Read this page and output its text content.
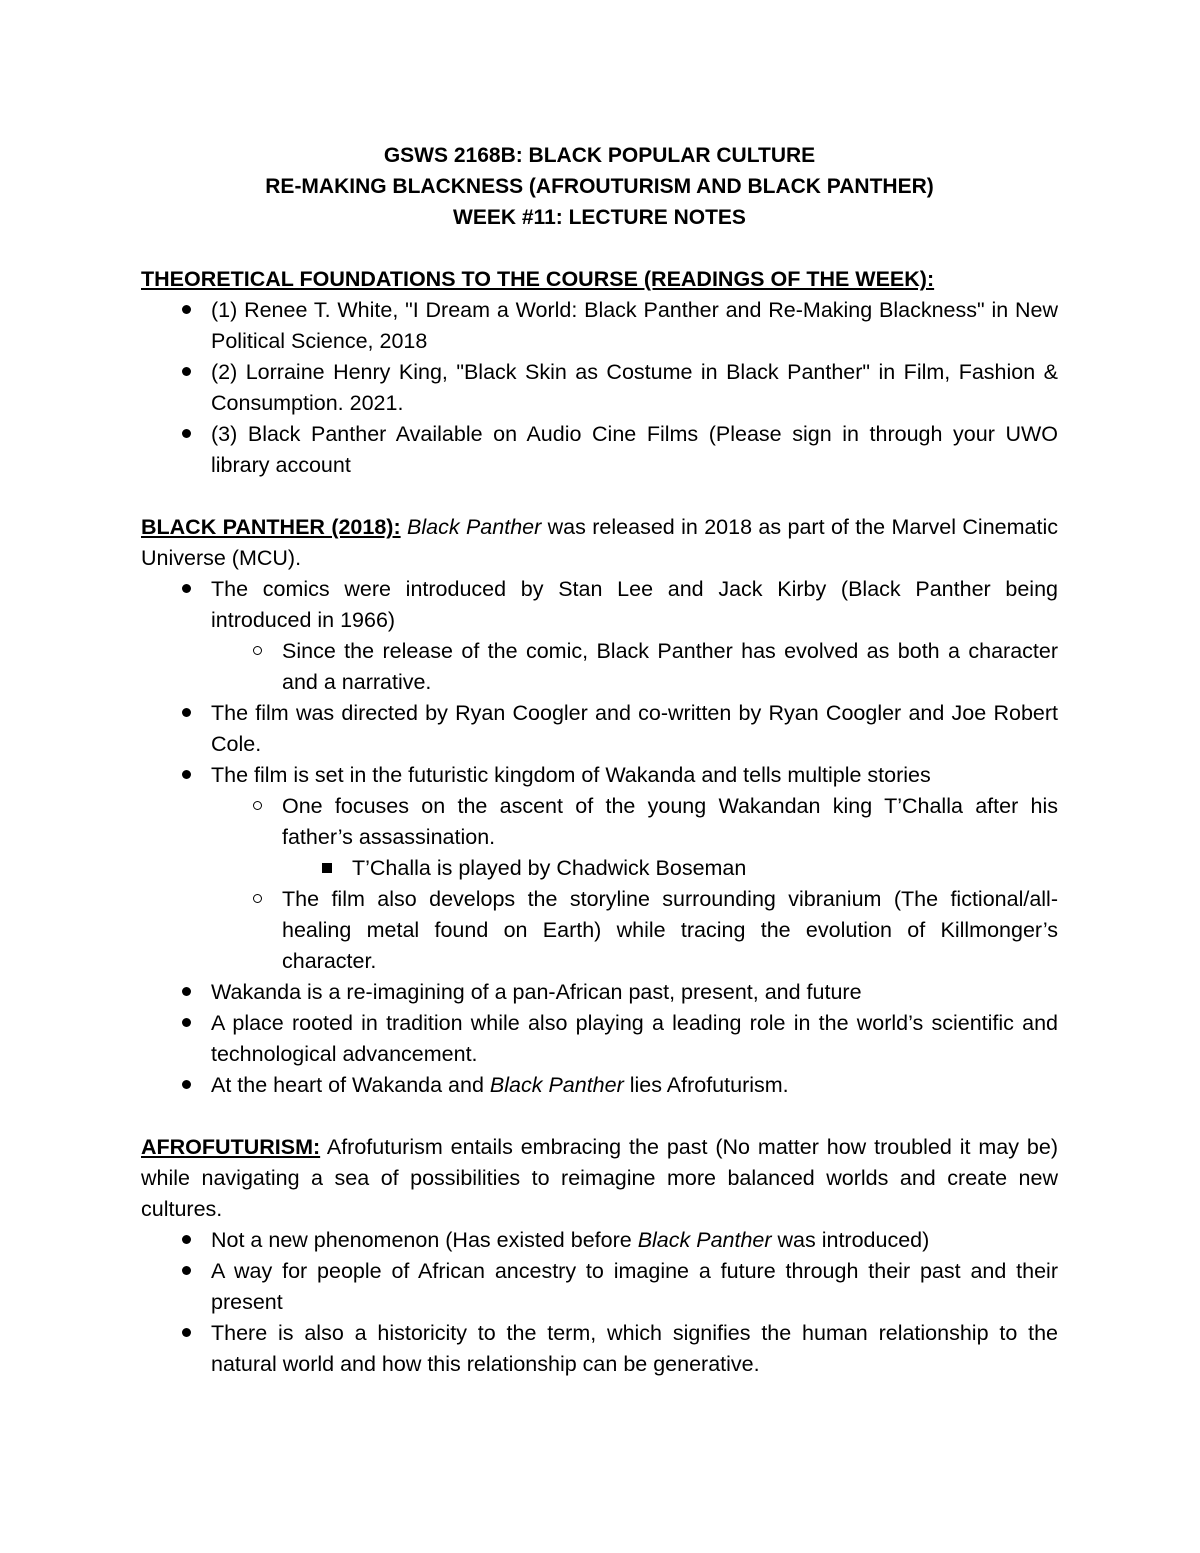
GSWS 2168B: BLACK POPULAR CULTURE
RE-MAKING BLACKNESS (AFROUTURISM AND BLACK PANTHER)
WEEK #11: LECTURE NOTES
THEORETICAL FOUNDATIONS TO THE COURSE (READINGS OF THE WEEK):
(1) Renee T. White, "I Dream a World: Black Panther and Re-Making Blackness" in New Political Science, 2018
(2) Lorraine Henry King, "Black Skin as Costume in Black Panther" in Film, Fashion & Consumption. 2021.
(3) Black Panther Available on Audio Cine Films (Please sign in through your UWO library account
BLACK PANTHER (2018): Black Panther was released in 2018 as part of the Marvel Cinematic Universe (MCU).
The comics were introduced by Stan Lee and Jack Kirby (Black Panther being introduced in 1966)
Since the release of the comic, Black Panther has evolved as both a character and a narrative.
The film was directed by Ryan Coogler and co-written by Ryan Coogler and Joe Robert Cole.
The film is set in the futuristic kingdom of Wakanda and tells multiple stories
One focuses on the ascent of the young Wakandan king T’Challa after his father’s assassination.
T’Challa is played by Chadwick Boseman
The film also develops the storyline surrounding vibranium (The fictional/all-healing metal found on Earth) while tracing the evolution of Killmonger’s character.
Wakanda is a re-imagining of a pan-African past, present, and future
A place rooted in tradition while also playing a leading role in the world’s scientific and technological advancement.
At the heart of Wakanda and Black Panther lies Afrofuturism.
AFROFUTURISM: Afrofuturism entails embracing the past (No matter how troubled it may be) while navigating a sea of possibilities to reimagine more balanced worlds and create new cultures.
Not a new phenomenon (Has existed before Black Panther was introduced)
A way for people of African ancestry to imagine a future through their past and their present
There is also a historicity to the term, which signifies the human relationship to the natural world and how this relationship can be generative.
